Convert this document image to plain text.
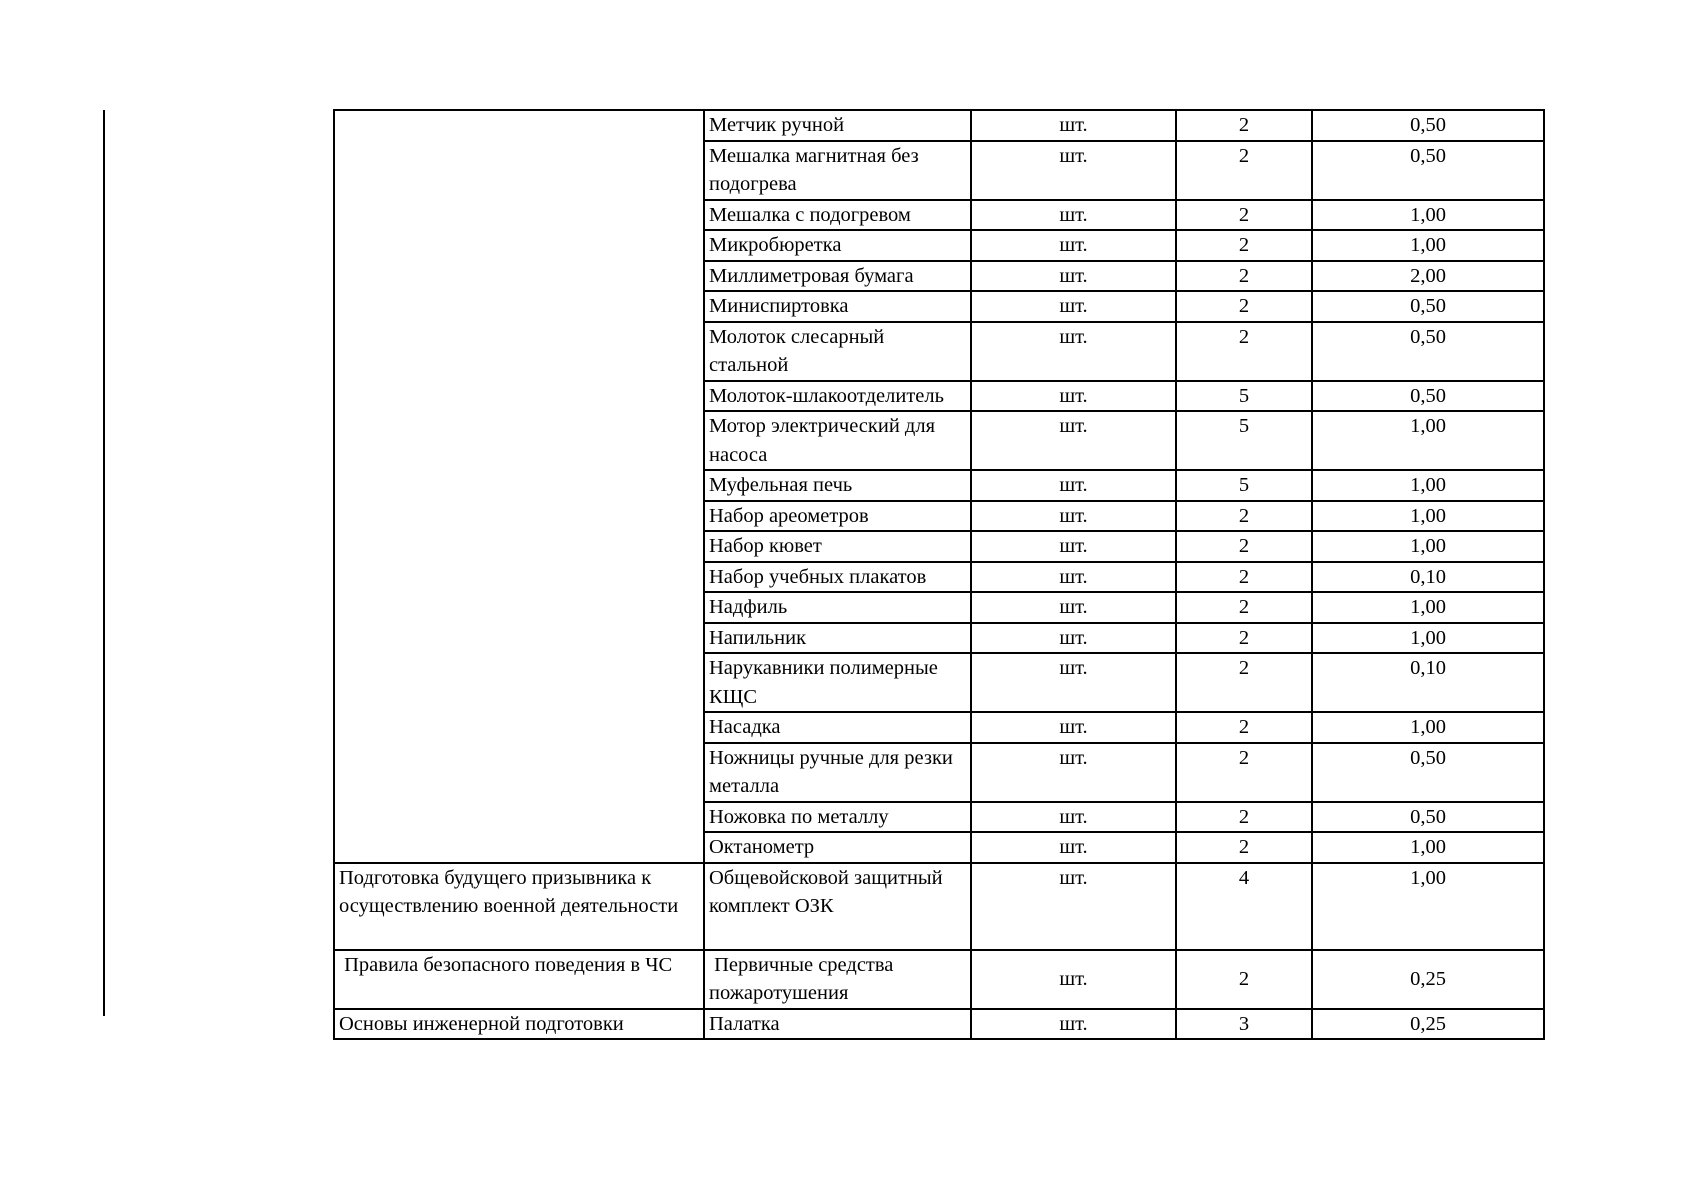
	Метчик ручной	шт.	2	0,50
	Мешалка магнитная без подогрева	шт.	2	0,50
	Мешалка с подогревом	шт.	2	1,00
	Микробюретка	шт.	2	1,00
	Миллиметровая бумага	шт.	2	2,00
	Миниспиртовка	шт.	2	0,50
	Молоток слесарный стальной	шт.	2	0,50
	Молоток-шлакоотделитель	шт.	5	0,50
	Мотор электрический для насоса	шт.	5	1,00
	Муфельная печь	шт.	5	1,00
	Набор ареометров	шт.	2	1,00
	Набор кювет	шт.	2	1,00
	Набор учебных плакатов	шт.	2	0,10
	Надфиль	шт.	2	1,00
	Напильник	шт.	2	1,00
	Нарукавники полимерные КЩС	шт.	2	0,10
	Насадка	шт.	2	1,00
	Ножницы ручные для резки металла	шт.	2	0,50
	Ножовка по металлу	шт.	2	0,50
	Октанометр	шт.	2	1,00
Подготовка будущего призывника к осуществлению военной деятельности	Общевойсковой защитный комплект ОЗК	шт.	4	1,00
Правила безопасного поведения в ЧС	Первичные средства пожаротушения	шт.	2	0,25
Основы инженерной подготовки	Палатка	шт.	3	0,25
